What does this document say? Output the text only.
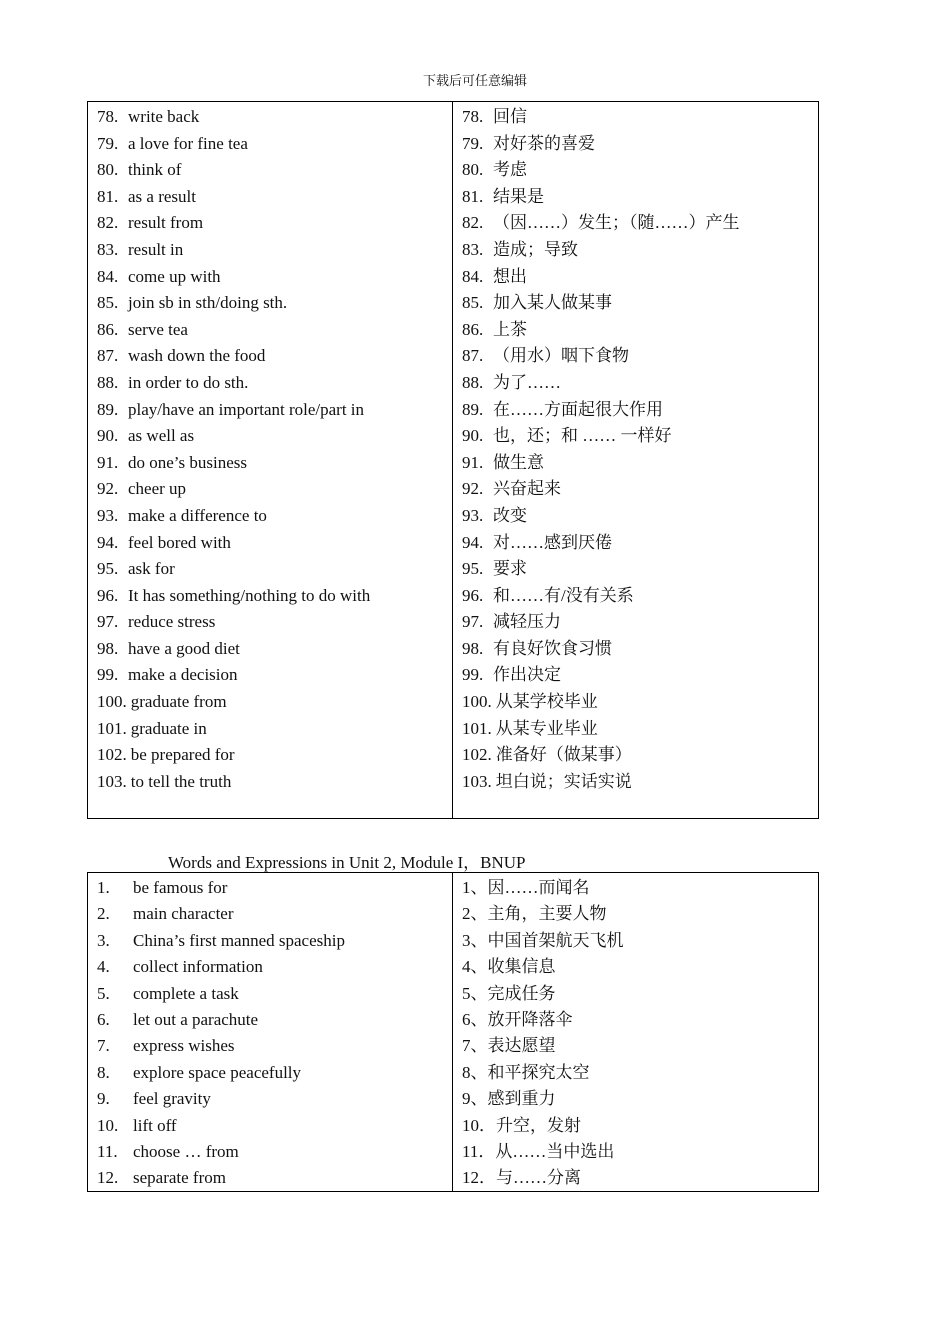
下载后可任意编辑
78. write back
79. a love for fine tea
80. think of
81. as a result
82. result from
83. result in
84. come up with
85. join sb in sth/doing sth.
86. serve tea
87. wash down the food
88. in order to do sth.
89. play/have an important role/part in
90. as well as
91. do one’s business
92. cheer up
93. make a difference to
94. feel bored with
95. ask for
96. It has something/nothing to do with
97. reduce stress
98. have a good diet
99. make a decision
100. graduate from
101. graduate in
102. be prepared for
103. to tell the truth
78. 回信
79. 对好茶的喜爱
80. 考虑
81. 结果是
82. （因……）发生；（随……）产生
83. 造成；导致
84. 想出
85. 加入某人做某事
86. 上茶
87. （用水）咽下食物
88. 为了……
89. 在……方面起很大作用
90. 也，还；和 …… 一样好
91. 做生意
92. 兴奋起来
93. 改变
94. 对……感到厌倦
95. 要求
96. 和……有/没有关系
97. 减轻压力
98. 有良好饮食习惯
99. 作出决定
100. 从某学校毕业
101. 从某专业毕业
102. 准备好（做某事）
103. 坦白说；实话实说
Words and Expressions in Unit 2, Module I，BNUP
1. be famous for
2. main character
3. China’s first manned spaceship
4. collect information
5. complete a task
6. let out a parachute
7. express wishes
8. explore space peacefully
9. feel gravity
10. lift off
11. choose … from
12. separate from
1、因……而闻名
2、主角，主要人物
3、中国首架航天飞机
4、收集信息
5、完成任务
6、放开降落伞
7、表达愿望
8、和平探究太空
9、感到重力
10．升空，发射
11．从……当中选出
12．与……分离
